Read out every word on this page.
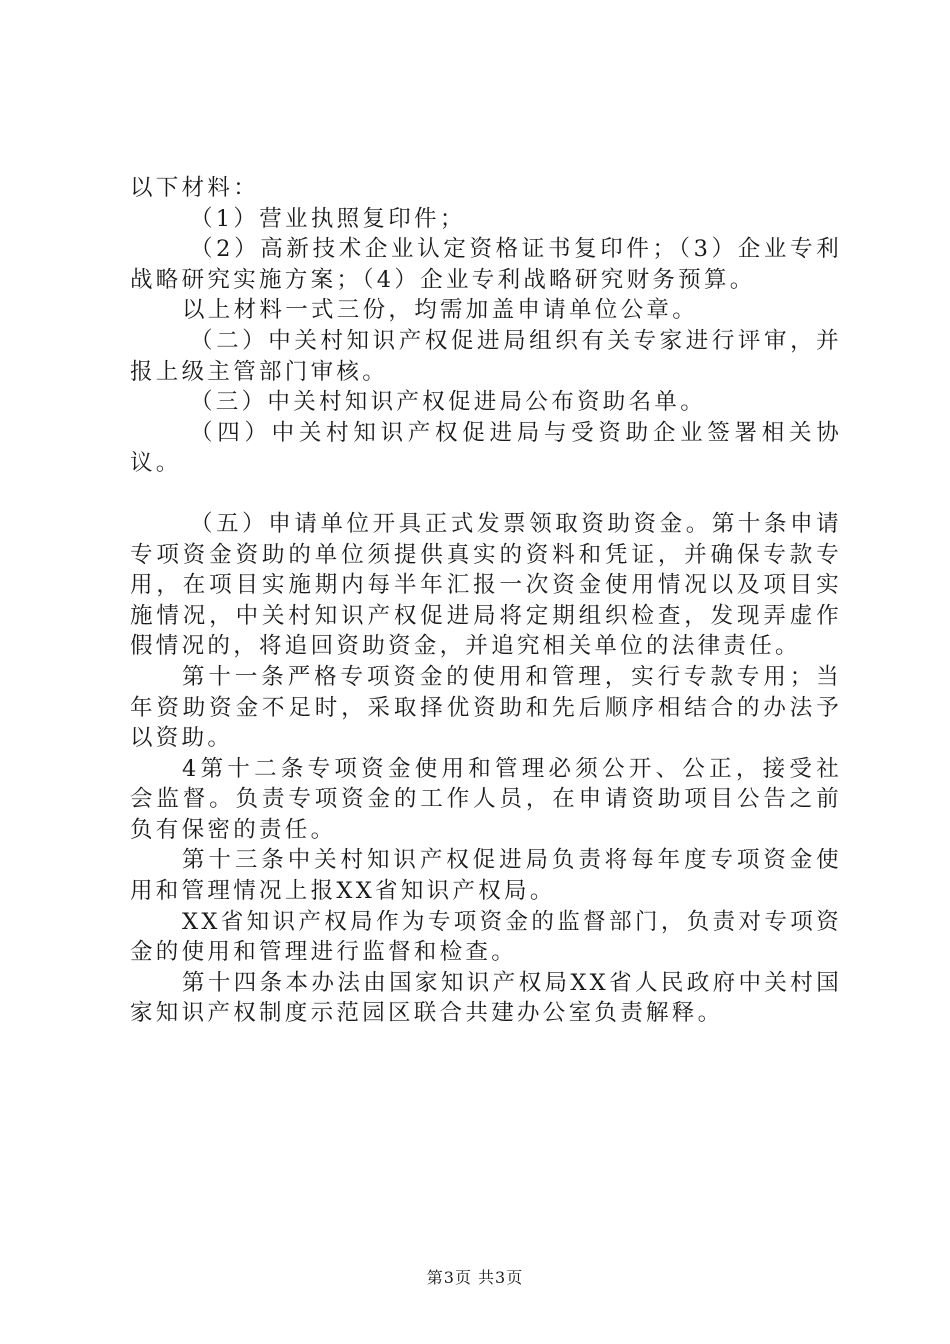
以下材料：

（1）营业执照复印件；

（2）高新技术企业认定资格证书复印件；（3）企业专利战略研究实施方案；（4）企业专利战略研究财务预算。

以上材料一式三份，均需加盖申请单位公章。

（二）中关村知识产权促进局组织有关专家进行评审，并报上级主管部门审核。

（三）中关村知识产权促进局公布资助名单。

（四）中关村知识产权促进局与受资助企业签署相关协议。

（五）申请单位开具正式发票领取资助资金。第十条申请专项资金资助的单位须提供真实的资料和凭证，并确保专款专用，在项目实施期内每半年汇报一次资金使用情况以及项目实施情况，中关村知识产权促进局将定期组织检查，发现弄虚作假情况的，将追回资助资金，并追究相关单位的法律责任。

第十一条严格专项资金的使用和管理，实行专款专用；当年资助资金不足时，采取择优资助和先后顺序相结合的办法予以资助。

4第十二条专项资金使用和管理必须公开、公正，接受社会监督。负责专项资金的工作人员，在申请资助项目公告之前负有保密的责任。

第十三条中关村知识产权促进局负责将每年度专项资金使用和管理情况上报XX省知识产权局。

XX省知识产权局作为专项资金的监督部门，负责对专项资金的使用和管理进行监督和检查。

第十四条本办法由国家知识产权局XX省人民政府中关村国家知识产权制度示范园区联合共建办公室负责解释。

第3页 共3页
